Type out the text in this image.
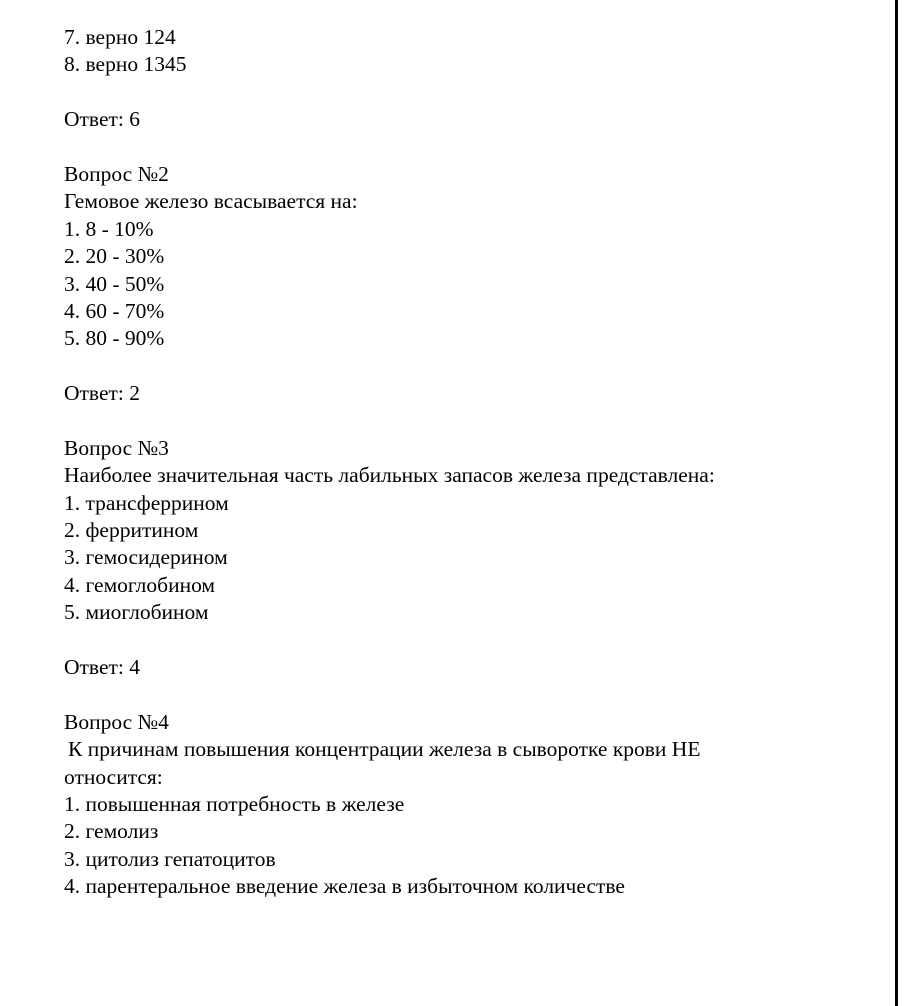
7. верно 124
8. верно 1345
Ответ: 6
Вопрос №2
Гемовое железо всасывается на:
1. 8 - 10%
2. 20 - 30%
3. 40 - 50%
4. 60 - 70%
5. 80 - 90%
Ответ: 2
Вопрос №3
Наиболее значительная часть лабильных запасов железа представлена:
1. трансферрином
2. ферритином
3. гемосидерином
4. гемоглобином
5. миоглобином
Ответ: 4
Вопрос №4
К причинам повышения концентрации железа в сыворотке крови НЕ
относится:
1. повышенная потребность в железе
2. гемолиз
3. цитолиз гепатоцитов
4. парентеральное введение железа в избыточном количестве
